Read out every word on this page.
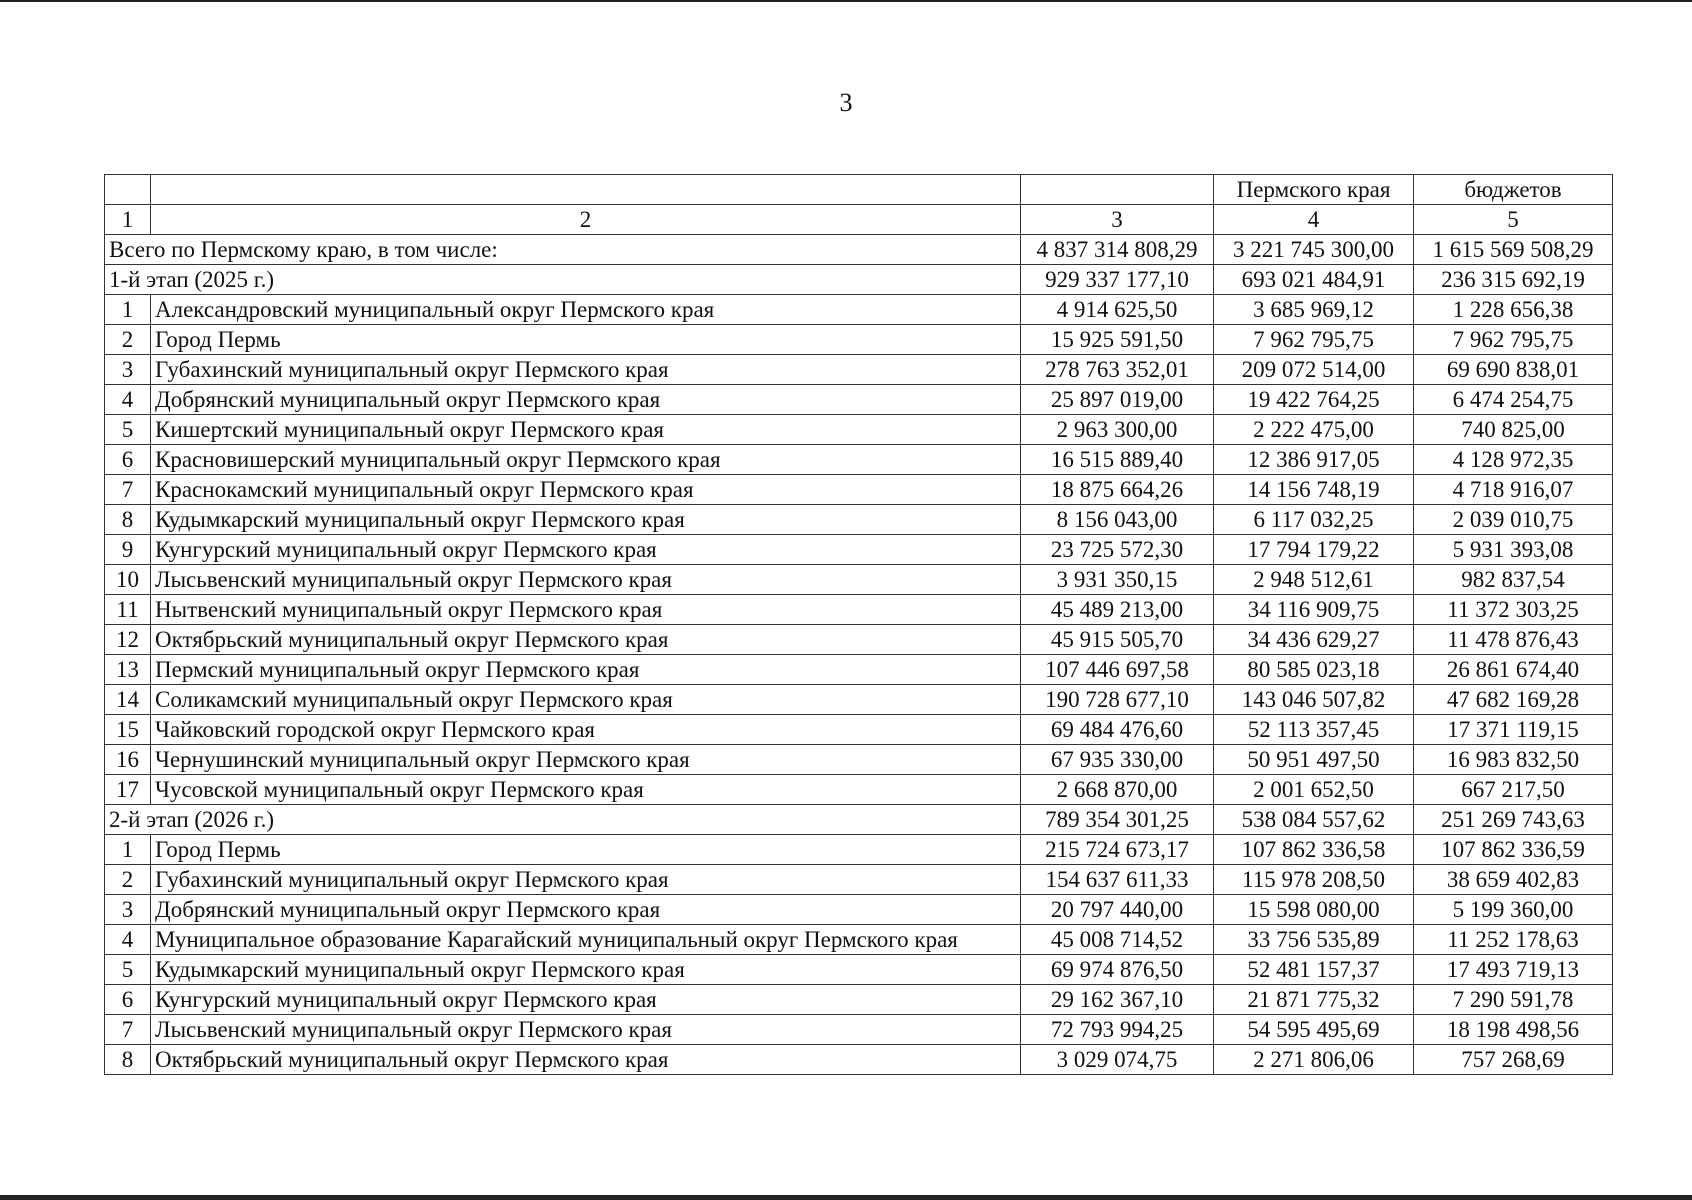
3
			Пермского края	бюджетов
1	2	3	4	5
Всего по Пермскому краю, в том числе:		4 837 314 808,29	3 221 745 300,00	1 615 569 508,29
1-й этап (2025 г.)		929 337 177,10	693 021 484,91	236 315 692,19
1	Александровский муниципальный округ Пермского края	4 914 625,50	3 685 969,12	1 228 656,38
2	Город Пермь	15 925 591,50	7 962 795,75	7 962 795,75
3	Губахинский муниципальный округ Пермского края	278 763 352,01	209 072 514,00	69 690 838,01
4	Добрянский муниципальный округ Пермского края	25 897 019,00	19 422 764,25	6 474 254,75
5	Кишертский муниципальный округ Пермского края	2 963 300,00	2 222 475,00	740 825,00
6	Красновишерский муниципальный округ Пермского края	16 515 889,40	12 386 917,05	4 128 972,35
7	Краснокамский муниципальный округ Пермского края	18 875 664,26	14 156 748,19	4 718 916,07
8	Кудымкарский муниципальный округ Пермского края	8 156 043,00	6 117 032,25	2 039 010,75
9	Кунгурский муниципальный округ Пермского края	23 725 572,30	17 794 179,22	5 931 393,08
10	Лысьвенский муниципальный округ Пермского края	3 931 350,15	2 948 512,61	982 837,54
11	Нытвенский муниципальный округ Пермского края	45 489 213,00	34 116 909,75	11 372 303,25
12	Октябрьский муниципальный округ Пермского края	45 915 505,70	34 436 629,27	11 478 876,43
13	Пермский муниципальный округ Пермского края	107 446 697,58	80 585 023,18	26 861 674,40
14	Соликамский муниципальный округ Пермского края	190 728 677,10	143 046 507,82	47 682 169,28
15	Чайковский городской округ Пермского края	69 484 476,60	52 113 357,45	17 371 119,15
16	Чернушинский муниципальный округ Пермского края	67 935 330,00	50 951 497,50	16 983 832,50
17	Чусовской муниципальный округ Пермского края	2 668 870,00	2 001 652,50	667 217,50
2-й этап (2026 г.)		789 354 301,25	538 084 557,62	251 269 743,63
1	Город Пермь	215 724 673,17	107 862 336,58	107 862 336,59
2	Губахинский муниципальный округ Пермского края	154 637 611,33	115 978 208,50	38 659 402,83
3	Добрянский муниципальный округ Пермского края	20 797 440,00	15 598 080,00	5 199 360,00
4	Муниципальное образование Карагайский муниципальный округ Пермского края	45 008 714,52	33 756 535,89	11 252 178,63
5	Кудымкарский муниципальный округ Пермского края	69 974 876,50	52 481 157,37	17 493 719,13
6	Кунгурский муниципальный округ Пермского края	29 162 367,10	21 871 775,32	7 290 591,78
7	Лысьвенский муниципальный округ Пермского края	72 793 994,25	54 595 495,69	18 198 498,56
8	Октябрьский муниципальный округ Пермского края	3 029 074,75	2 271 806,06	757 268,69
